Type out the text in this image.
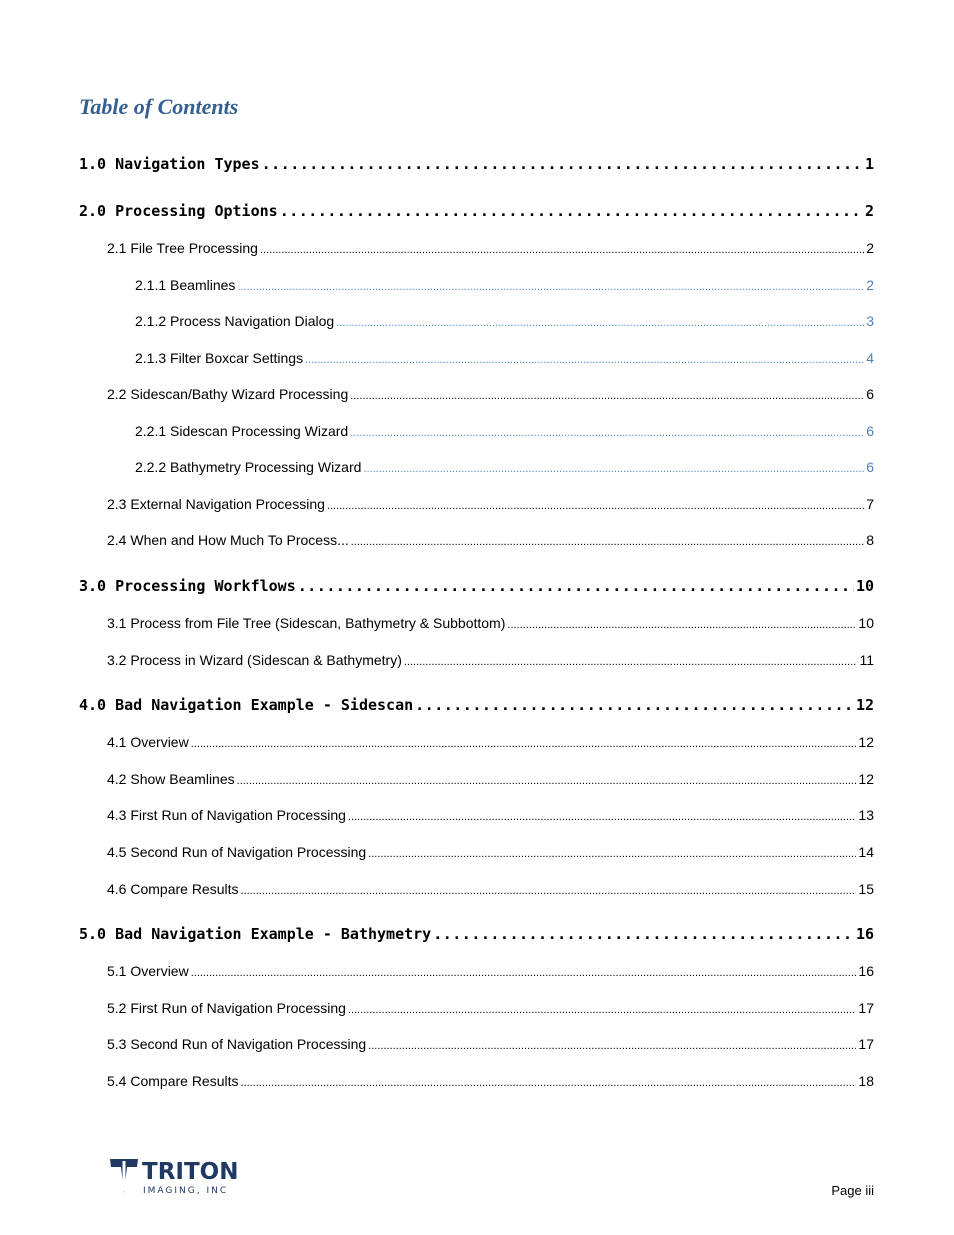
Table of Contents
1.0 Navigation Types .....	1
2.0 Processing Options .....	2
2.1 File Tree Processing .....	2
2.1.1 Beamlines .....	2
2.1.2 Process Navigation Dialog .....	3
2.1.3 Filter Boxcar Settings .....	4
2.2 Sidescan/Bathy Wizard Processing .....	6
2.2.1 Sidescan Processing Wizard .....	6
2.2.2 Bathymetry Processing Wizard .....	6
2.3 External Navigation Processing .....	7
2.4 When and How Much To Process... .....	8
3.0 Processing Workflows .....	10
3.1 Process from File Tree (Sidescan, Bathymetry & Subbottom) .....	10
3.2 Process in Wizard (Sidescan & Bathymetry) .....	11
4.0 Bad Navigation Example - Sidescan .....	12
4.1 Overview .....	12
4.2 Show Beamlines .....	12
4.3 First Run of Navigation Processing .....	13
4.5 Second Run of Navigation Processing .....	14
4.6 Compare Results .....	15
5.0 Bad Navigation Example - Bathymetry .....	16
5.1 Overview .....	16
5.2 First Run of Navigation Processing .....	17
5.3 Second Run of Navigation Processing .....	17
5.4 Compare Results .....	18
TRITON
IMAGING, INC	Page iii
